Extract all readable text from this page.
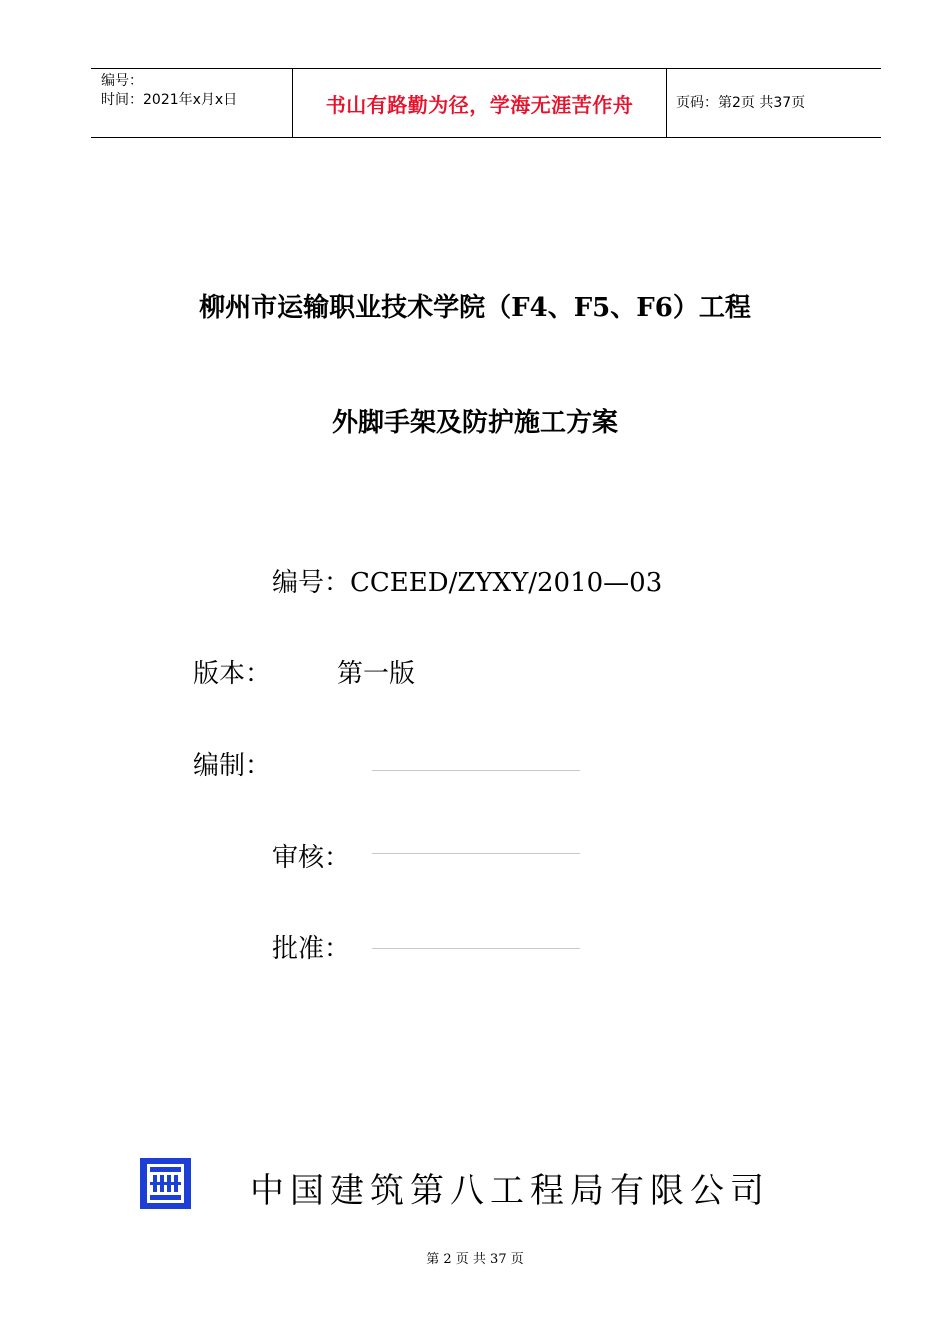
编号：
时间：2021年x月x日	书山有路勤为径，学海无涯苦作舟	页码：第2页 共37页
柳州市运输职业技术学院（F4、F5、F6）工程
外脚手架及防护施工方案
编号：CCEED/ZYXY/2010—03
版本：	第一版
编制：
审核：
批准：
中国建筑第八工程局有限公司
第 2 页 共 37 页
